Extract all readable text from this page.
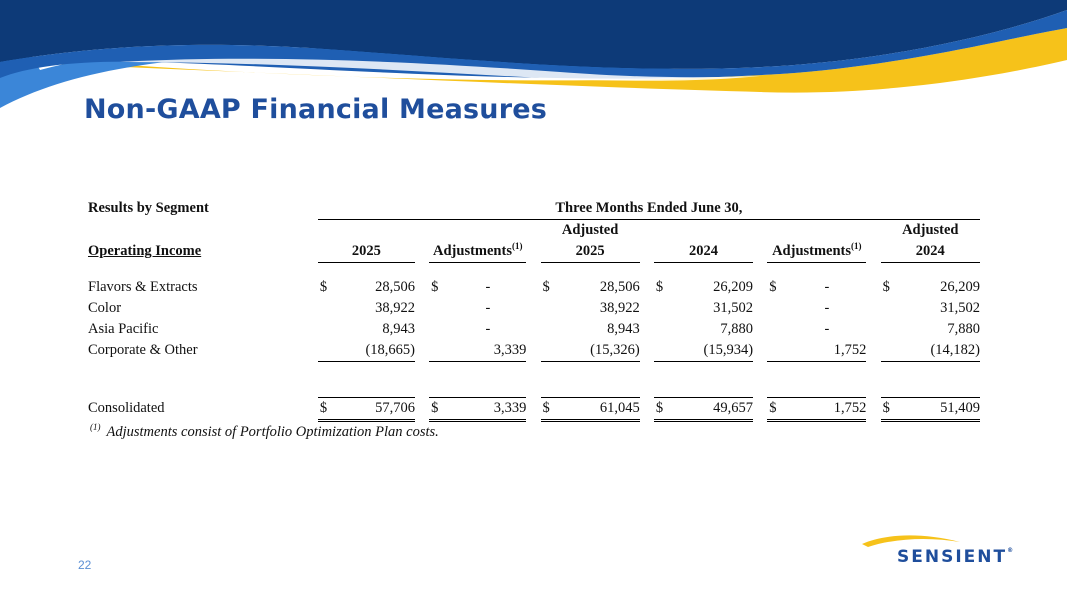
Non-GAAP Financial Measures
Results by Segment	Three Months Ended June 30,																
							Adjusted									Adjusted	
Operating Income	2025			Adjustments$^{(1)}$			2025			2024			Adjustments$^{(1)}$			2024	

Flavors & Extracts	$	28,506		$	-		$	28,506		$	26,209		$	-		$	26,209
Color		38,922			-			38,922			31,502			-			31,502
Asia Pacific		8,943			-			8,943			7,880			-			7,880
Corporate & Other		(18,665)			3,339			(15,326)			(15,934)			1,752			(14,182)

Consolidated	$	57,706		$	3,339		$	61,045		$	49,657		$	1,752		$	51,409
$^{(1)}$ Adjustments consist of Portfolio Optimization Plan costs.
22	SENSIENT®
